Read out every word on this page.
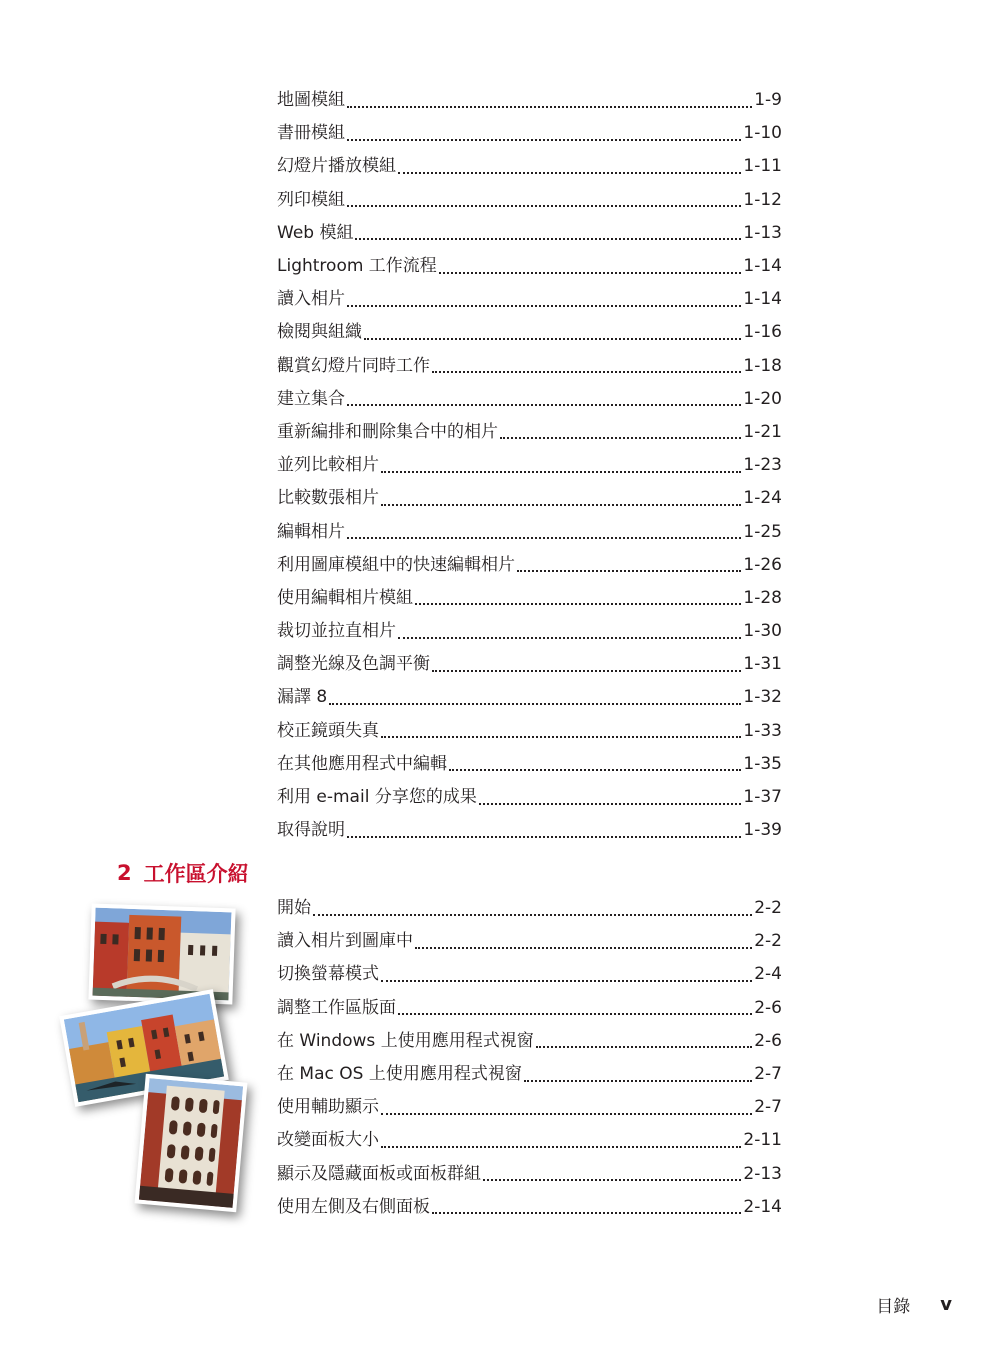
地圖模組	1-9
書冊模組	1-10
幻燈片播放模組	1-11
列印模組	1-12
Web 模組	1-13
Lightroom 工作流程	1-14
讀入相片	1-14
檢閱與組織	1-16
觀賞幻燈片同時工作	1-18
建立集合	1-20
重新編排和刪除集合中的相片	1-21
並列比較相片	1-23
比較數張相片	1-24
編輯相片	1-25
利用圖庫模組中的快速編輯相片	1-26
使用編輯相片模組	1-28
裁切並拉直相片	1-30
調整光線及色調平衡	1-31
漏譯 8	1-32
校正鏡頭失真	1-33
在其他應用程式中編輯	1-35
利用 e-mail 分享您的成果	1-37
取得說明	1-39
2 工作區介紹
開始	2-2
讀入相片到圖庫中	2-2
切換螢幕模式	2-4
調整工作區版面	2-6
在 Windows 上使用應用程式視窗	2-6
在 Mac OS 上使用應用程式視窗	2-7
使用輔助顯示	2-7
改變面板大小	2-11
顯示及隱藏面板或面板群組	2-13
使用左側及右側面板	2-14
目錄 v
